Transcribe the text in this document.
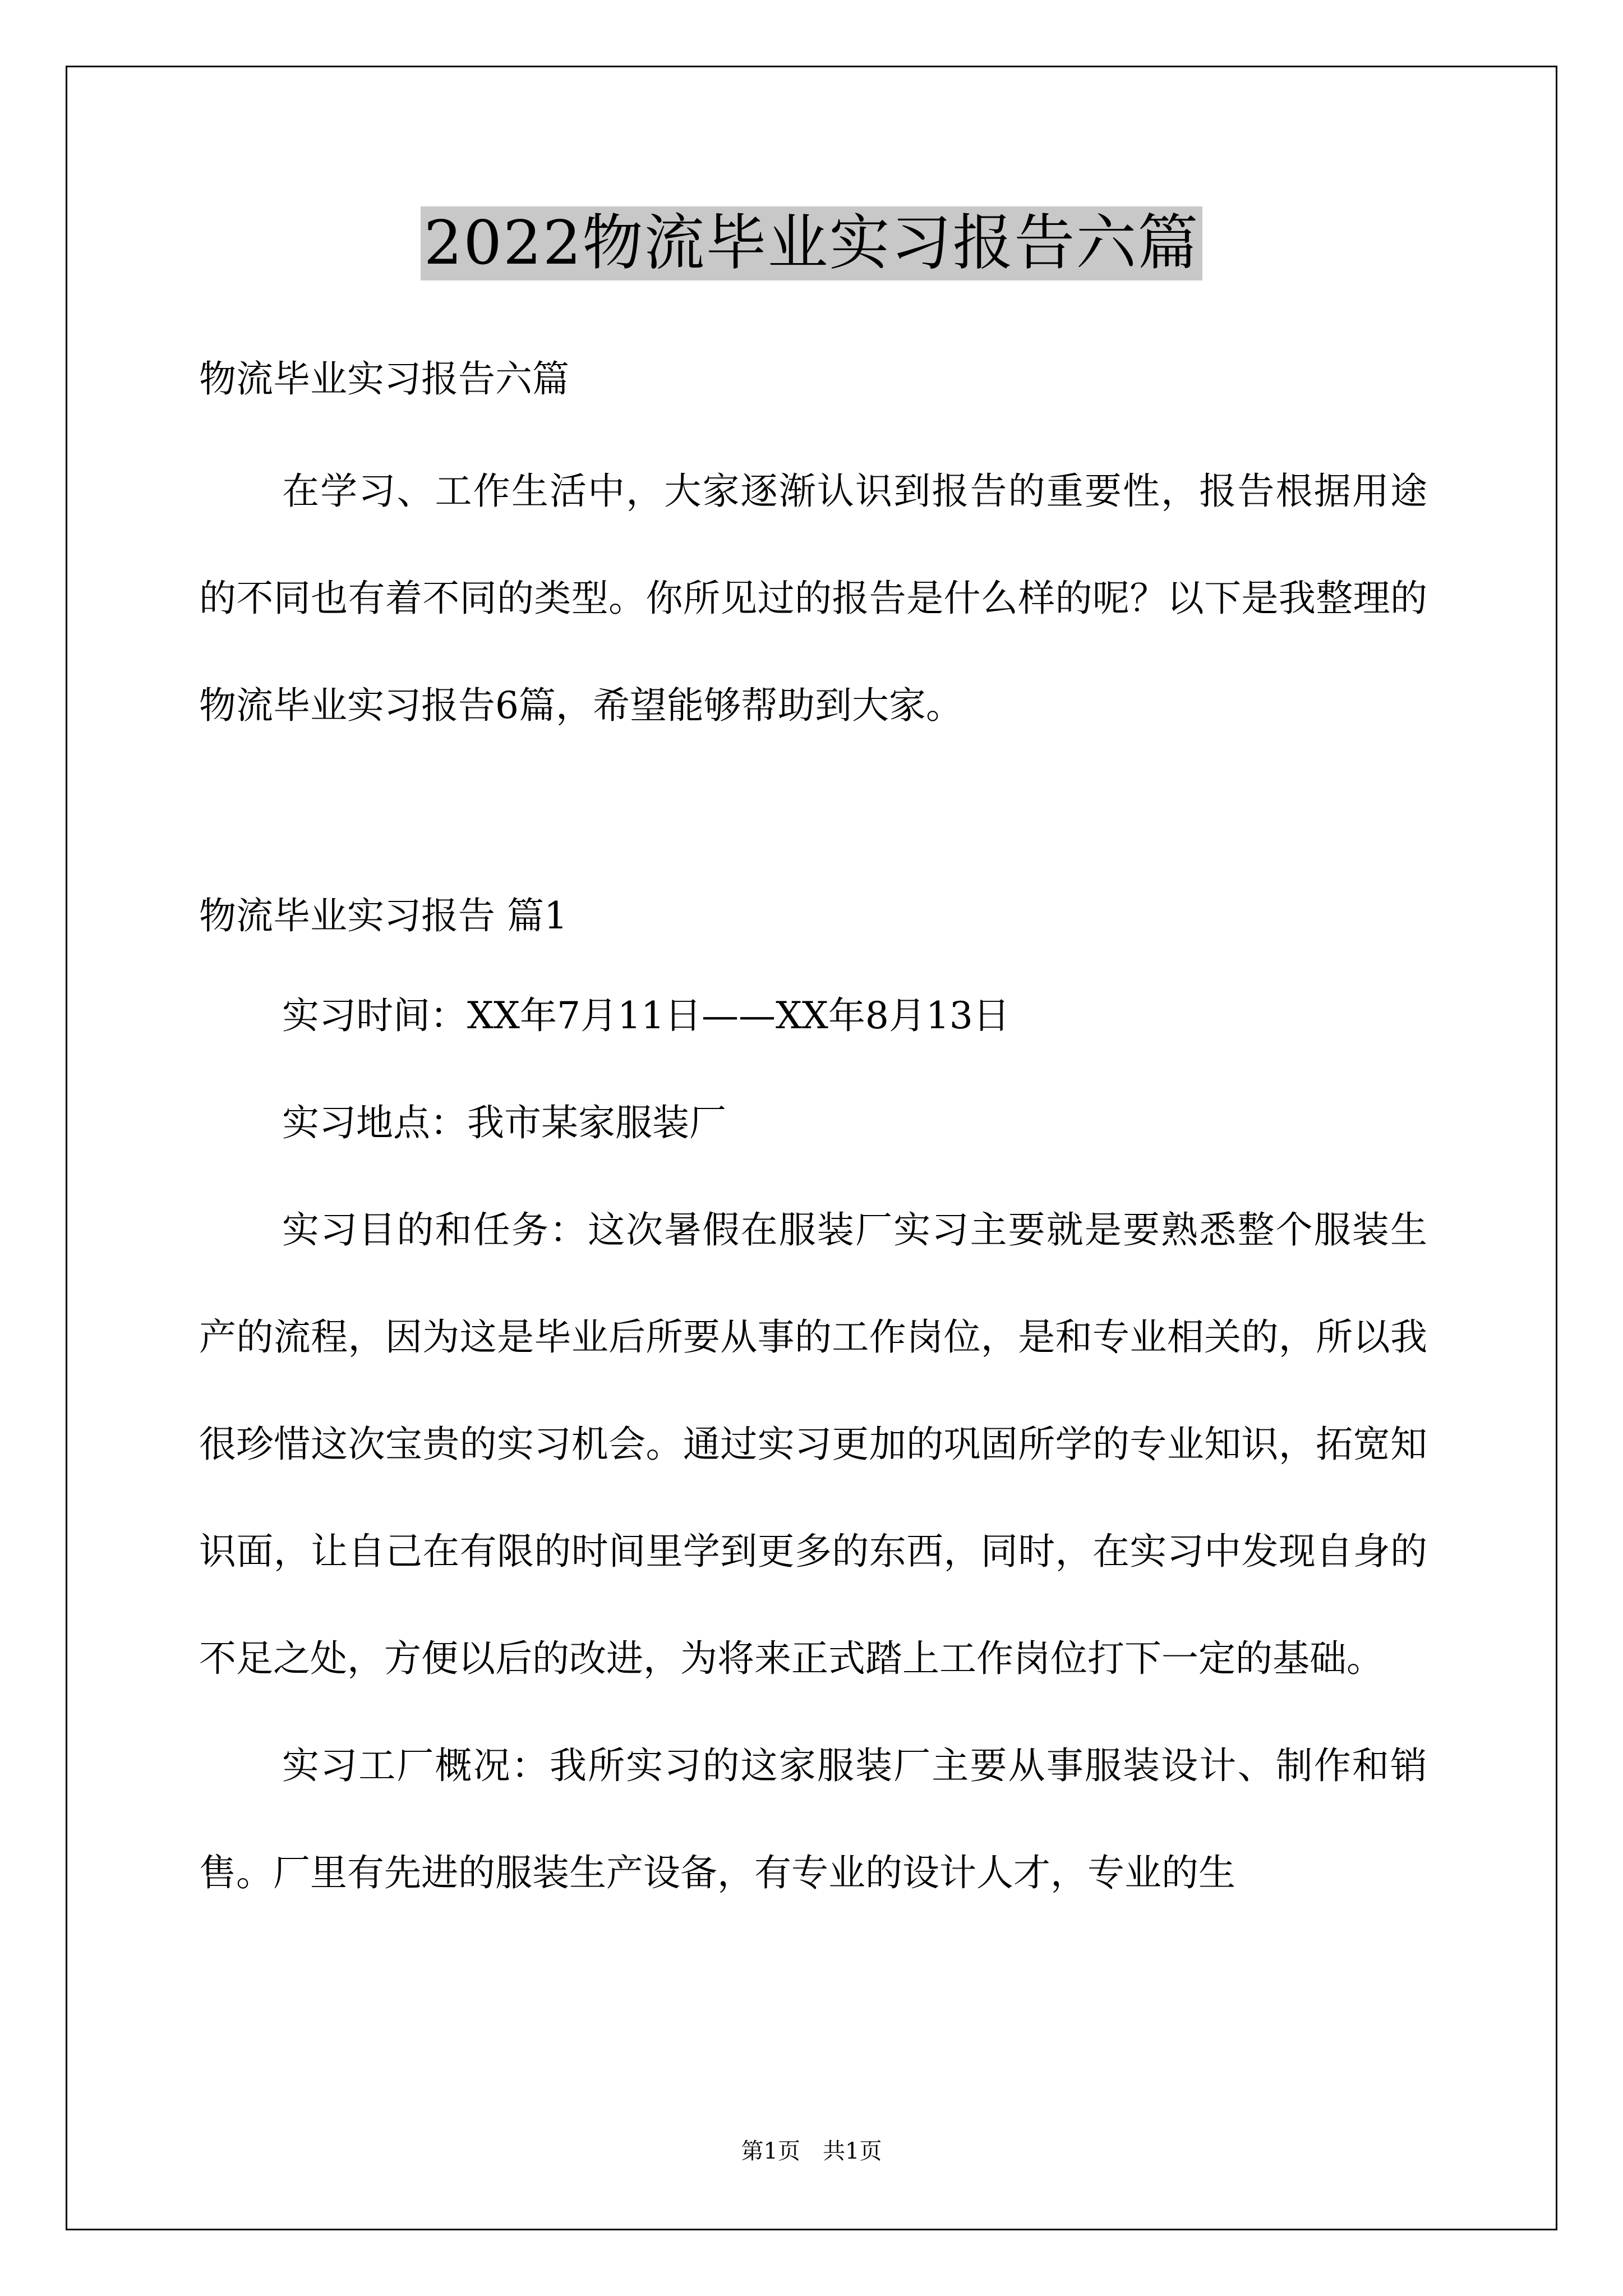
2022物流毕业实习报告六篇
物流毕业实习报告六篇

在学习、工作生活中，大家逐渐认识到报告的重要性，报告根据用途的不同也有着不同的类型。你所见过的报告是什么样的呢？以下是我整理的物流毕业实习报告6篇，希望能够帮助到大家。

物流毕业实习报告 篇1

实习时间：XX年7月11日——XX年8月13日

实习地点：我市某家服装厂

实习目的和任务：这次暑假在服装厂实习主要就是要熟悉整个服装生产的流程，因为这是毕业后所要从事的工作岗位，是和专业相关的，所以我很珍惜这次宝贵的实习机会。通过实习更加的巩固所学的专业知识，拓宽知识面，让自己在有限的时间里学到更多的东西，同时，在实习中发现自身的不足之处，方便以后的改进，为将来正式踏上工作岗位打下一定的基础。

实习工厂概况：我所实习的这家服装厂主要从事服装设计、制作和销售。厂里有先进的服装生产设备，有专业的设计人才，专业的生

第1页　共1页
